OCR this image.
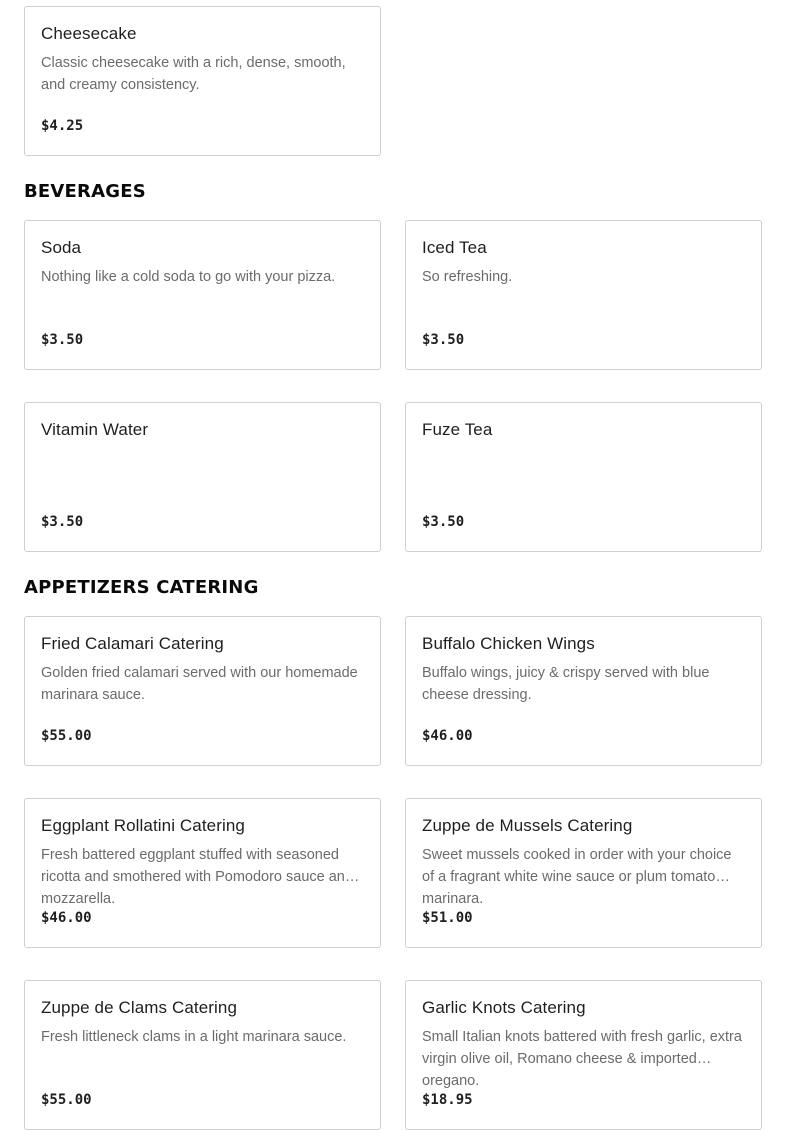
Cheesecake
Classic cheesecake with a rich, dense, smooth, and creamy consistency.
$4.25
BEVERAGES
Soda
Nothing like a cold soda to go with your pizza.
$3.50
Iced Tea
So refreshing.
$3.50
Vitamin Water
$3.50
Fuze Tea
$3.50
APPETIZERS CATERING
Fried Calamari Catering
Golden fried calamari served with our homemade marinara sauce.
$55.00
Buffalo Chicken Wings
Buffalo wings, juicy & crispy served with blue cheese dressing.
$46.00
Eggplant Rollatini Catering
Fresh battered eggplant stuffed with seasoned ricotta and smothered with Pomodoro sauce and mozzarella.
$46.00
Zuppe de Mussels Catering
Sweet mussels cooked in order with your choice of a fragrant white wine sauce or plum tomato marinara.
$51.00
Zuppe de Clams Catering
Fresh littleneck clams in a light marinara sauce.
$55.00
Garlic Knots Catering
Small Italian knots battered with fresh garlic, extra virgin olive oil, Romano cheese & imported oregano.
$18.95
